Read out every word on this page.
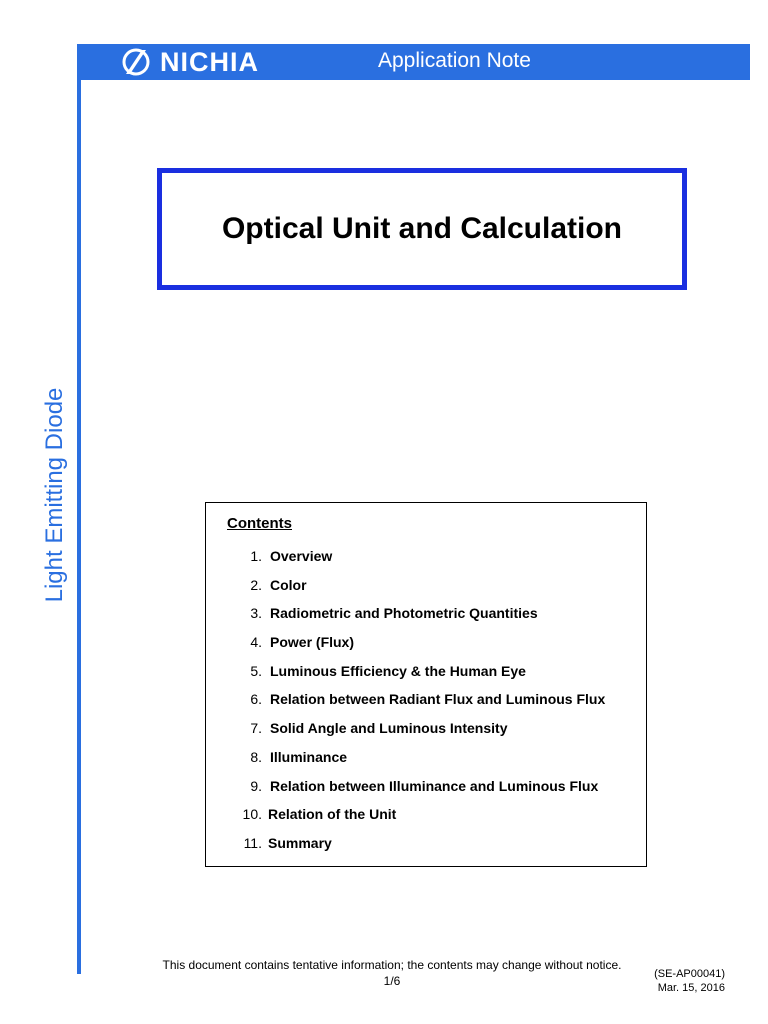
NICHIA	Application Note
Light Emitting Diode
Optical Unit and Calculation
Contents
1. Overview
2. Color
3. Radiometric and Photometric Quantities
4. Power (Flux)
5. Luminous Efficiency & the Human Eye
6. Relation between Radiant Flux and Luminous Flux
7. Solid Angle and Luminous Intensity
8. Illuminance
9. Relation between Illuminance and Luminous Flux
10. Relation of the Unit
11. Summary
This document contains tentative information; the contents may change without notice.
1/6	(SE-AP00041)
Mar. 15, 2016
